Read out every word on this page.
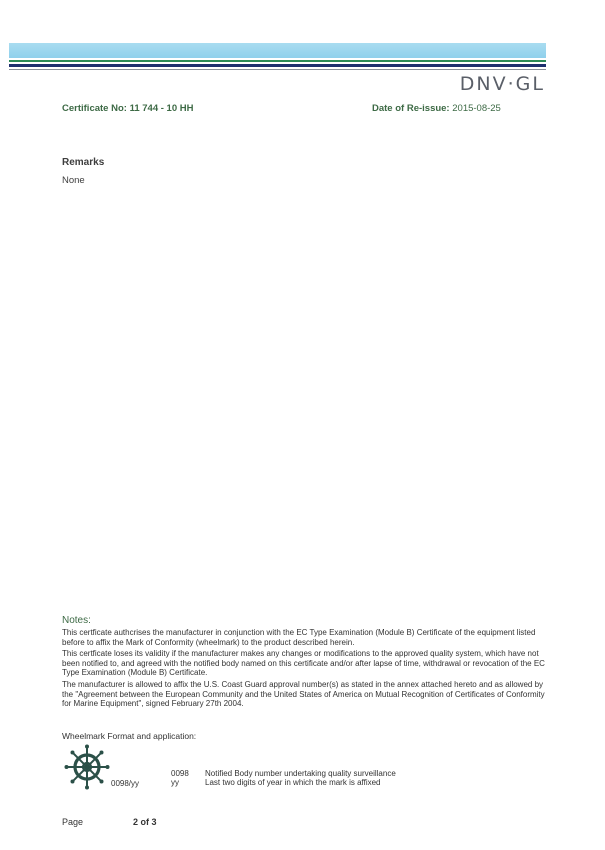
DNV·GL
Certificate No: 11 744 - 10 HH	Date of Re-issue: 2015-08-25
Remarks
None
Notes:

This certficate authcrises the manufacturer in conjunction with the EC Type Examination (Module B) Certificate of the equipment listed before to affix the Mark of Conformity (wheelmark) to the product described herein.

This certficate loses its validity if the manufacturer makes any changes or modifications to the approved quality system, which have not been notified to, and agreed with the notified body named on this certificate and/or after lapse of time, withdrawal or revocation of the EC Type Examination (Module B) Certificate.

The manufacturer is allowed to affix the U.S. Coast Guard approval number(s) as stated in the annex attached hereto and as allowed by the "Agreement between the European Community and the United States of America on Mutual Recognition of Certificates of Conformity for Marine Equipment", signed February 27th 2004.

Wheelmark Format and application:
0098/yy
0098 Notified Body number undertaking quality surveillance
yy	Last two digits of year in which the mark is affixed
Page	2 of 3
